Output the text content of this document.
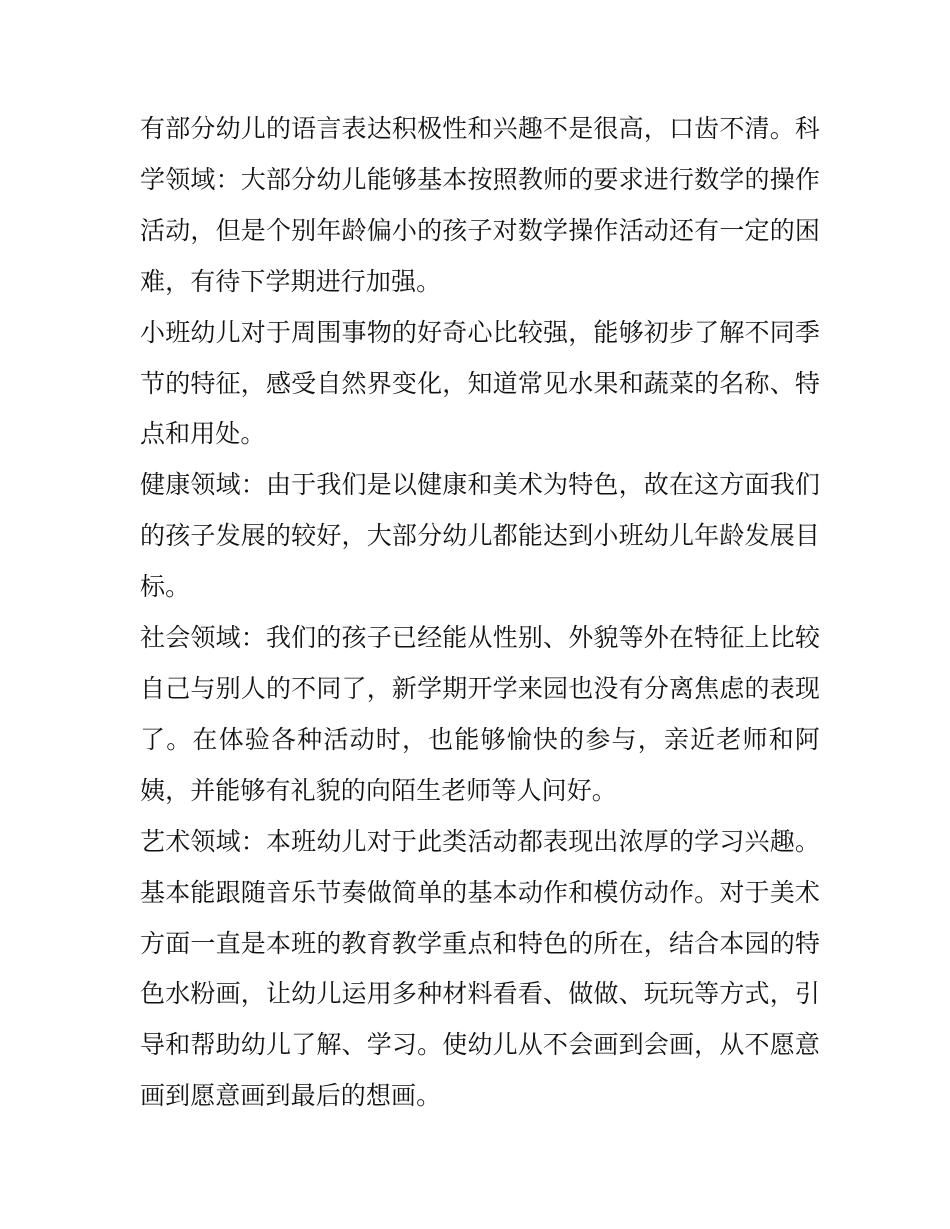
有部分幼儿的语言表达积极性和兴趣不是很高，口齿不清。科学领域：大部分幼儿能够基本按照教师的要求进行数学的操作活动，但是个别年龄偏小的孩子对数学操作活动还有一定的困难，有待下学期进行加强。

小班幼儿对于周围事物的好奇心比较强，能够初步了解不同季节的特征，感受自然界变化，知道常见水果和蔬菜的名称、特点和用处。

健康领域：由于我们是以健康和美术为特色，故在这方面我们的孩子发展的较好，大部分幼儿都能达到小班幼儿年龄发展目标。

社会领域：我们的孩子已经能从性别、外貌等外在特征上比较自己与别人的不同了，新学期开学来园也没有分离焦虑的表现了。在体验各种活动时，也能够愉快的参与，亲近老师和阿姨，并能够有礼貌的向陌生老师等人问好。

艺术领域：本班幼儿对于此类活动都表现出浓厚的学习兴趣。基本能跟随音乐节奏做简单的基本动作和模仿动作。对于美术方面一直是本班的教育教学重点和特色的所在，结合本园的特色水粉画，让幼儿运用多种材料看看、做做、玩玩等方式，引导和帮助幼儿了解、学习。使幼儿从不会画到会画，从不愿意画到愿意画到最后的想画。
